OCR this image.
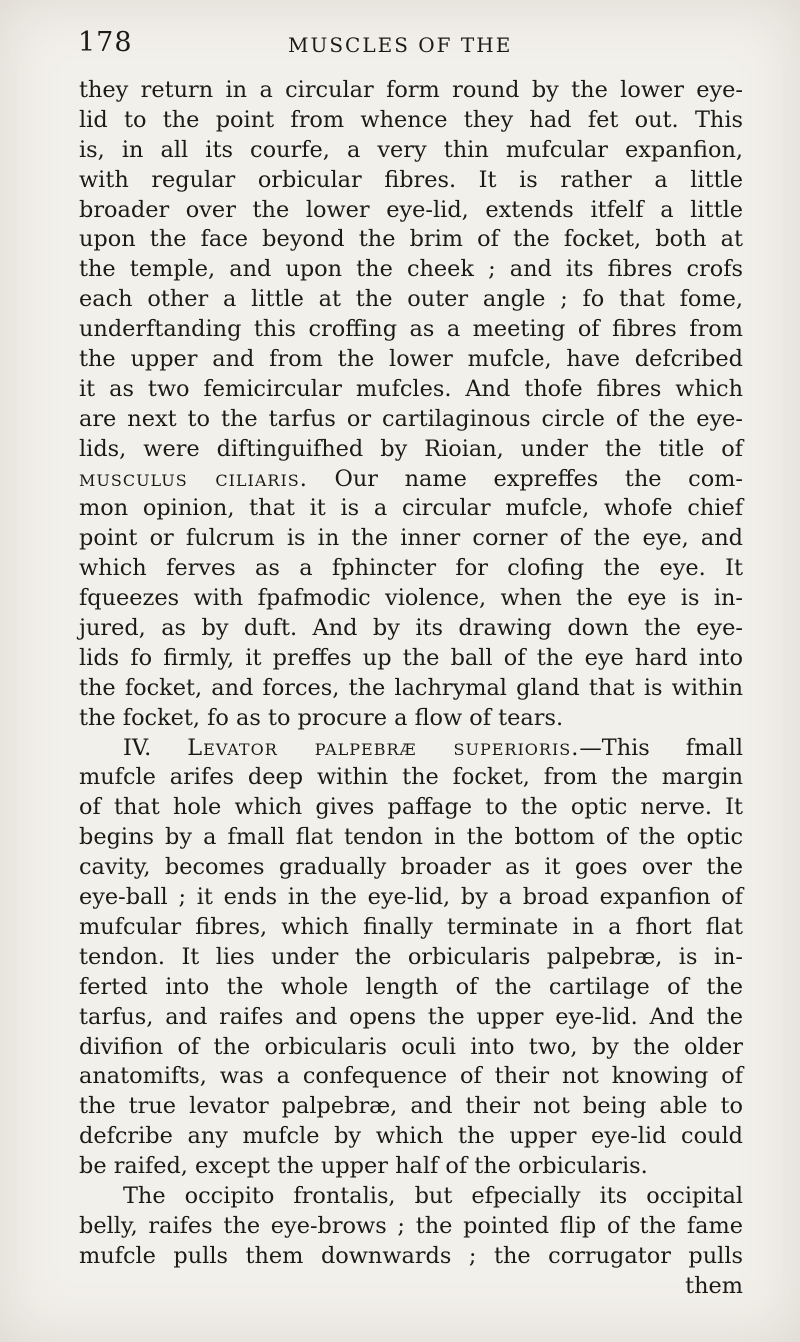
178	MUSCLES OF THE
they return in a circular form round by the lower eye-
lid to the point from whence they had fet out. This
is, in all its courfe, a very thin mufcular expanfion,
with regular orbicular fibres. It is rather a little
broader over the lower eye-lid, extends itfelf a little
upon the face beyond the brim of the focket, both at
the temple, and upon the cheek ; and its fibres crofs
each other a little at the outer angle ; fo that fome,
underftanding this croffing as a meeting of fibres from
the upper and from the lower mufcle, have defcribed
it as two femicircular mufcles. And thofe fibres which
are next to the tarfus or cartilaginous circle of the eye-
lids, were diftinguifhed by Rioian, under the title of
musculus ciliaris. Our name expreffes the com-
mon opinion, that it is a circular mufcle, whofe chief
point or fulcrum is in the inner corner of the eye, and
which ferves as a fphincter for clofing the eye. It
fqueezes with fpafmodic violence, when the eye is in-
jured, as by duft. And by its drawing down the eye-
lids fo firmly, it preffes up the ball of the eye hard into
the focket, and forces, the lachrymal gland that is within
the focket, fo as to procure a flow of tears.
IV. Levator palpebræ superioris.—This fmall
mufcle arifes deep within the focket, from the margin
of that hole which gives paffage to the optic nerve. It
begins by a fmall flat tendon in the bottom of the optic
cavity, becomes gradually broader as it goes over the
eye-ball ; it ends in the eye-lid, by a broad expanfion of
mufcular fibres, which finally terminate in a fhort flat
tendon. It lies under the orbicularis palpebræ, is in-
ferted into the whole length of the cartilage of the
tarfus, and raifes and opens the upper eye-lid. And the
divifion of the orbicularis oculi into two, by the older
anatomifts, was a confequence of their not knowing of
the true levator palpebræ, and their not being able to
defcribe any mufcle by which the upper eye-lid could
be raifed, except the upper half of the orbicularis.
The occipito frontalis, but efpecially its occipital
belly, raifes the eye-brows ; the pointed flip of the fame
mufcle pulls them downwards ; the corrugator pulls
them
